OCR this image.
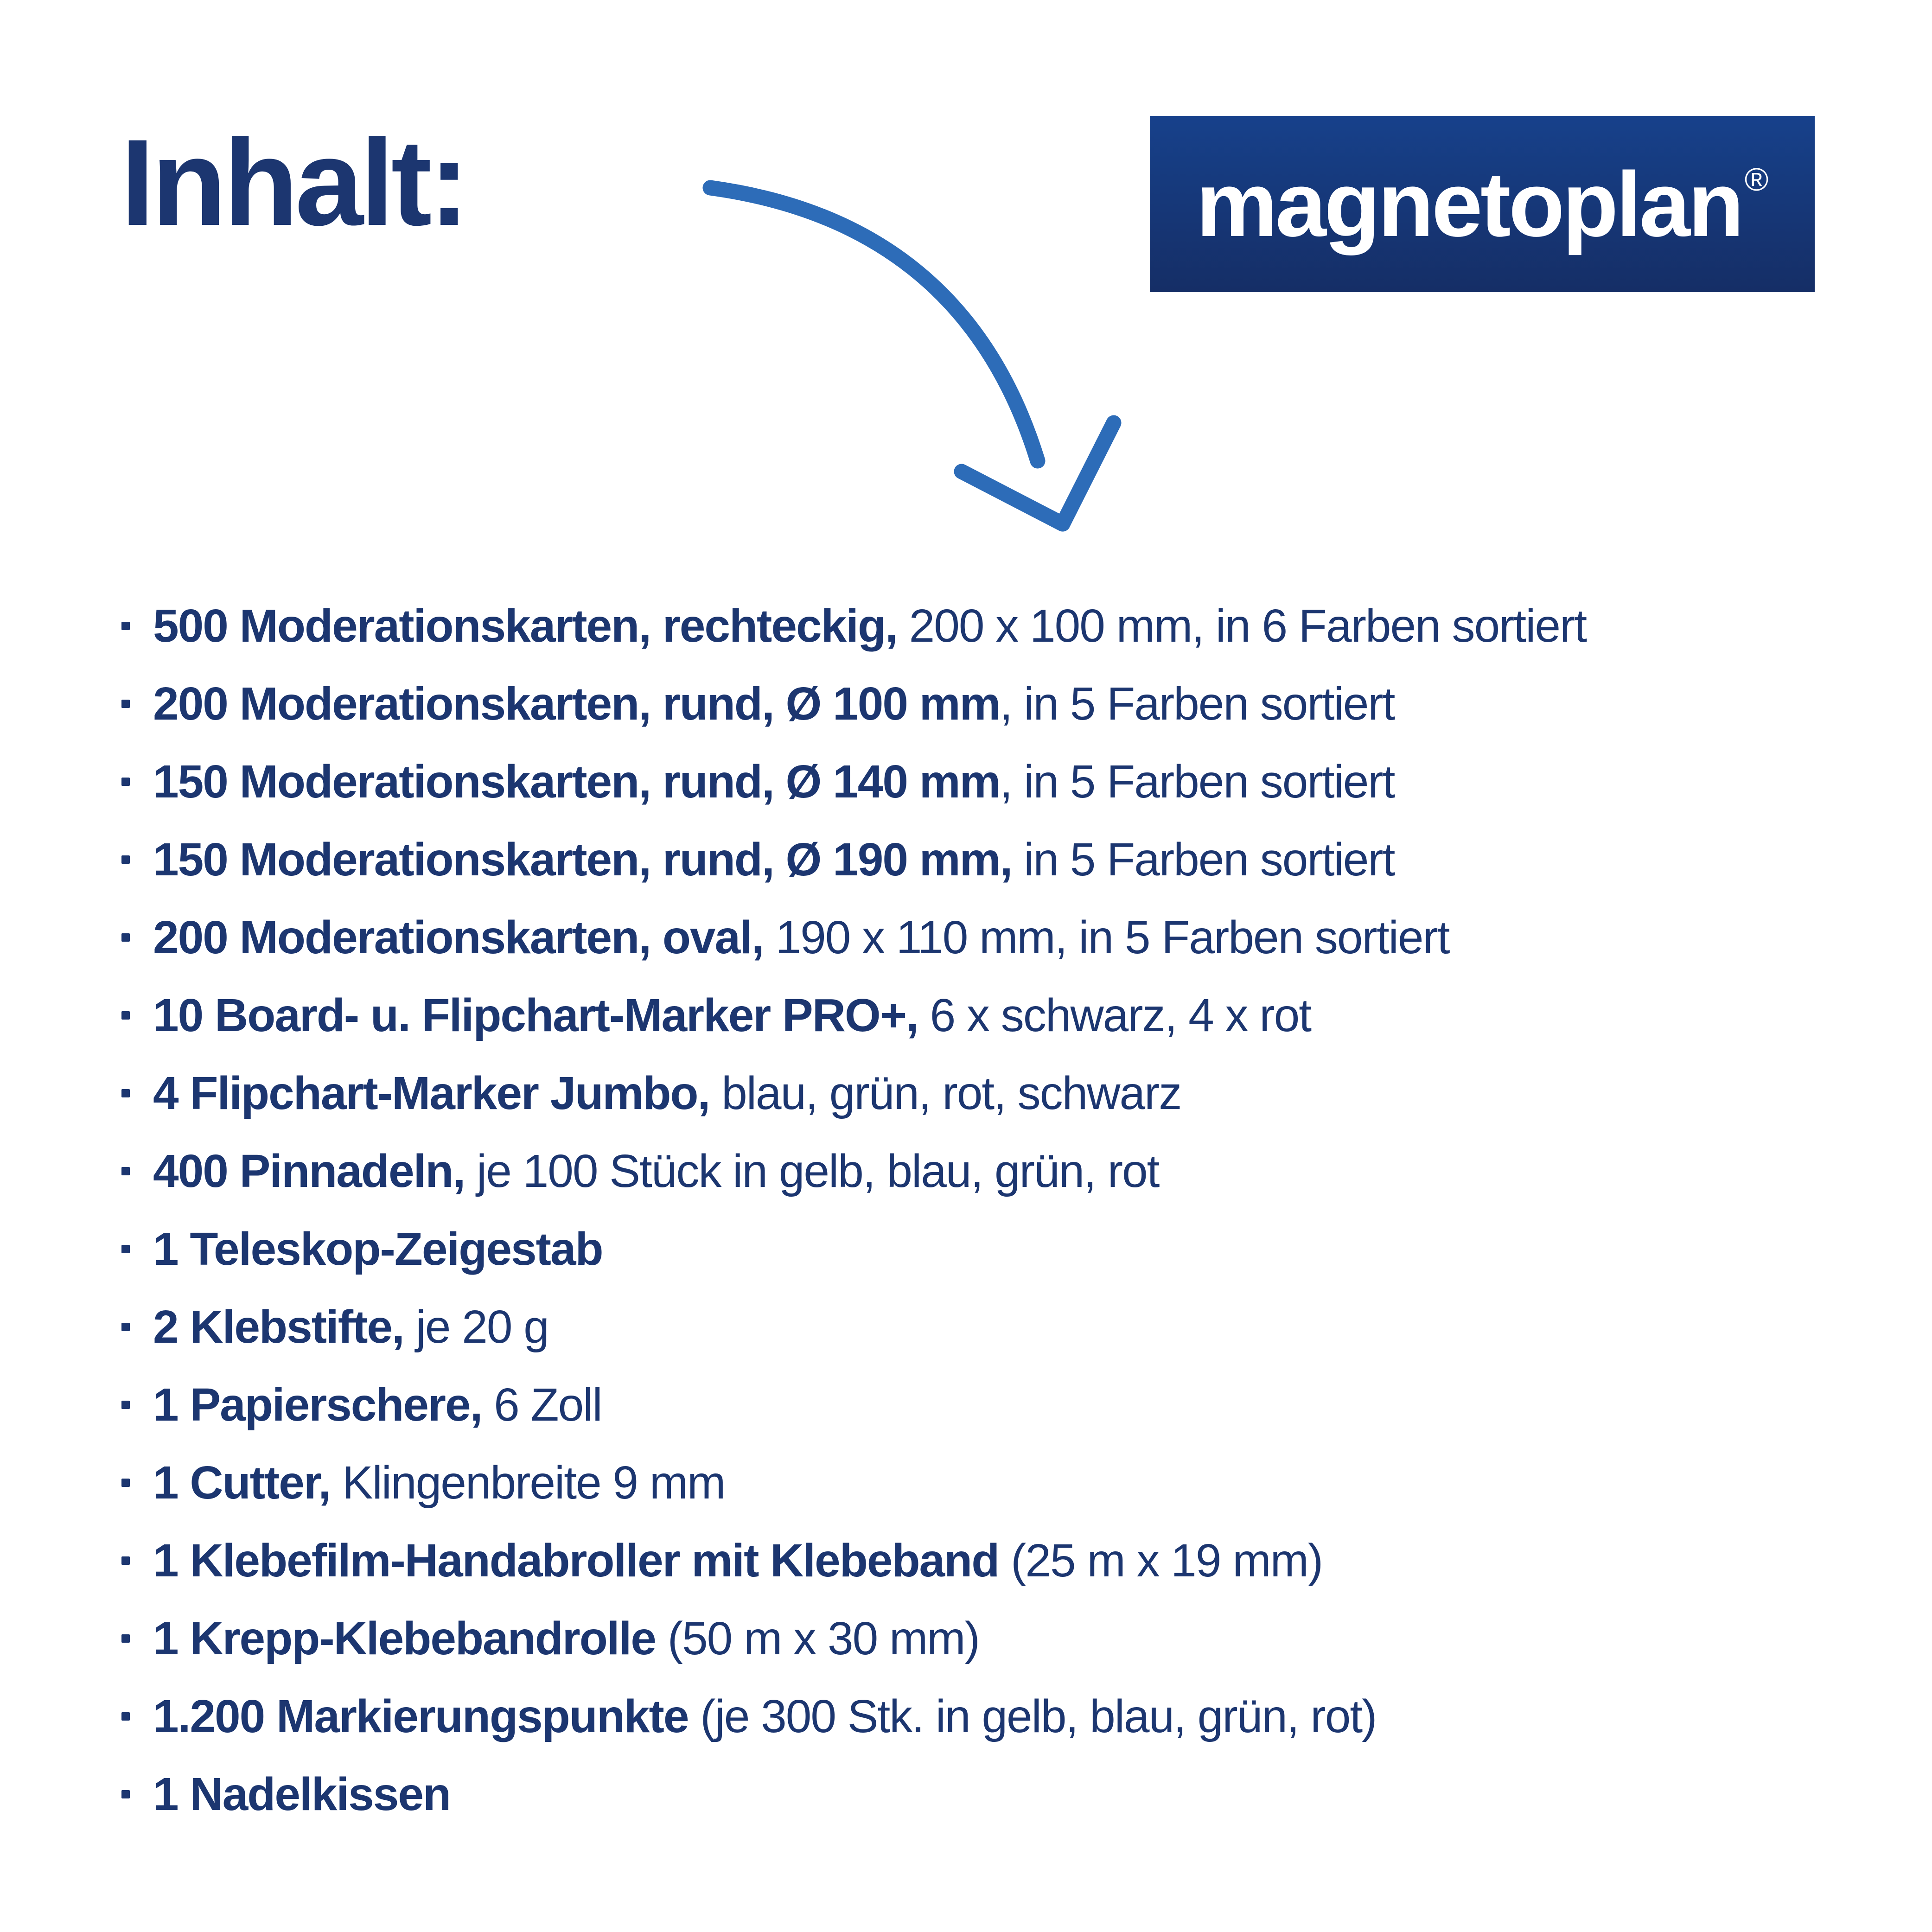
Inhalt:	magnetoplan®
500 Moderationskarten, rechteckig, 200 x 100 mm, in 6 Farben sortiert
200 Moderationskarten, rund, Ø 100 mm, in 5 Farben sortiert
150 Moderationskarten, rund, Ø 140 mm, in 5 Farben sortiert
150 Moderationskarten, rund, Ø 190 mm, in 5 Farben sortiert
200 Moderationskarten, oval, 190 x 110 mm, in 5 Farben sortiert
10 Board- u. Flipchart-Marker PRO+, 6 x schwarz, 4 x rot
4 Flipchart-Marker Jumbo, blau, grün, rot, schwarz
400 Pinnadeln, je 100 Stück in gelb, blau, grün, rot
1 Teleskop-Zeigestab
2 Klebstifte, je 20 g
1 Papierschere, 6 Zoll
1 Cutter, Klingenbreite 9 mm
1 Klebefilm-Handabroller mit Klebeband (25 m x 19 mm)
1 Krepp-Klebebandrolle (50 m x 30 mm)
1.200 Markierungspunkte (je 300 Stk. in gelb, blau, grün, rot)
1 Nadelkissen
